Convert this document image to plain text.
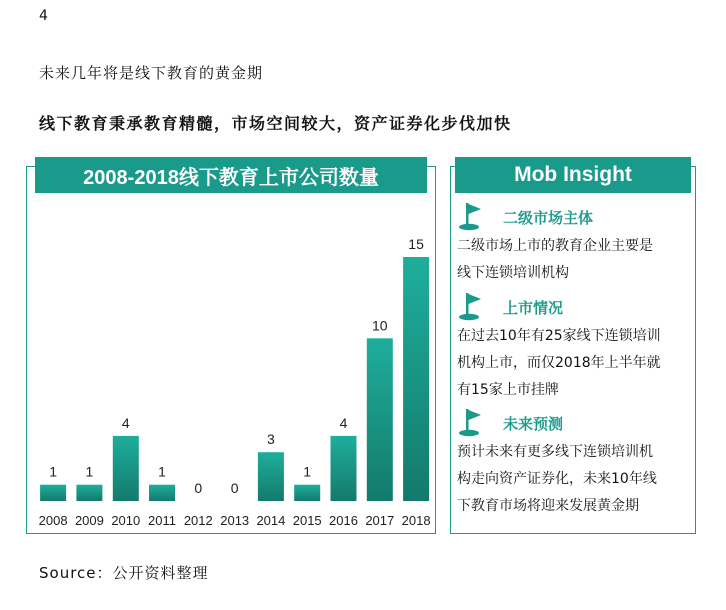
4
未来几年将是线下教育的黄金期
线下教育秉承教育精髓，市场空间较大，资产证券化步伐加快
1
2008
1
2009
4
2010
1
2011
0
2012
0
2013
3
2014
1
2015
4
2016
10
2017
15
2018
2008-2018线下教育上市公司数量	Mob Insight
二级市场主体
二级市场上市的教育企业主要是
线下连锁培训机构
上市情况
在过去10年有25家线下连锁培训
机构上市，而仅2018年上半年就
有15家上市挂牌
未来预测
预计未来有更多线下连锁培训机
构走向资产证券化，未来10年线
下教育市场将迎来发展黄金期
Source：公开资料整理
